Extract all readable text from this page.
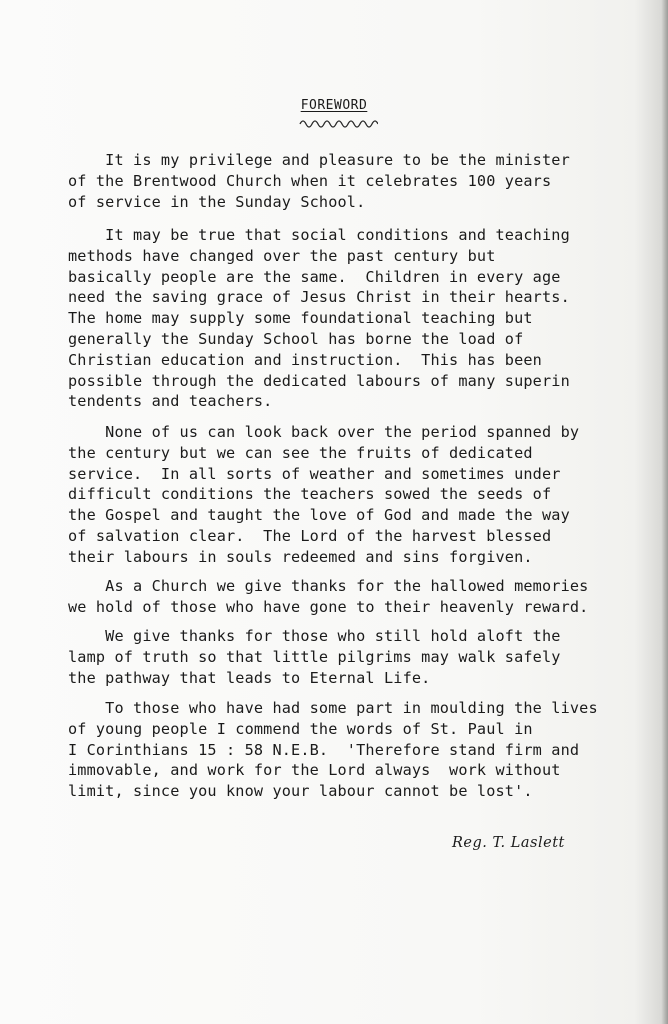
FOREWORD

It is my privilege and pleasure to be the minister
of the Brentwood Church when it celebrates 100 years
of service in the Sunday School.

It may be true that social conditions and teaching
methods have changed over the past century but
basically people are the same.  Children in every age
need the saving grace of Jesus Christ in their hearts.
The home may supply some foundational teaching but
generally the Sunday School has borne the load of
Christian education and instruction.  This has been
possible through the dedicated labours of many superin
tendents and teachers.

None of us can look back over the period spanned by
the century but we can see the fruits of dedicated
service.  In all sorts of weather and sometimes under
difficult conditions the teachers sowed the seeds of
the Gospel and taught the love of God and made the way
of salvation clear.  The Lord of the harvest blessed
their labours in souls redeemed and sins forgiven.

As a Church we give thanks for the hallowed memories
we hold of those who have gone to their heavenly reward.

We give thanks for those who still hold aloft the
lamp of truth so that little pilgrims may walk safely
the pathway that leads to Eternal Life.

To those who have had some part in moulding the lives
of young people I commend the words of St. Paul in
I Corinthians 15 : 58 N.E.B.  'Therefore stand firm and
immovable, and work for the Lord always  work without
limit, since you know your labour cannot be lost'.

Reg. T. Laslett
